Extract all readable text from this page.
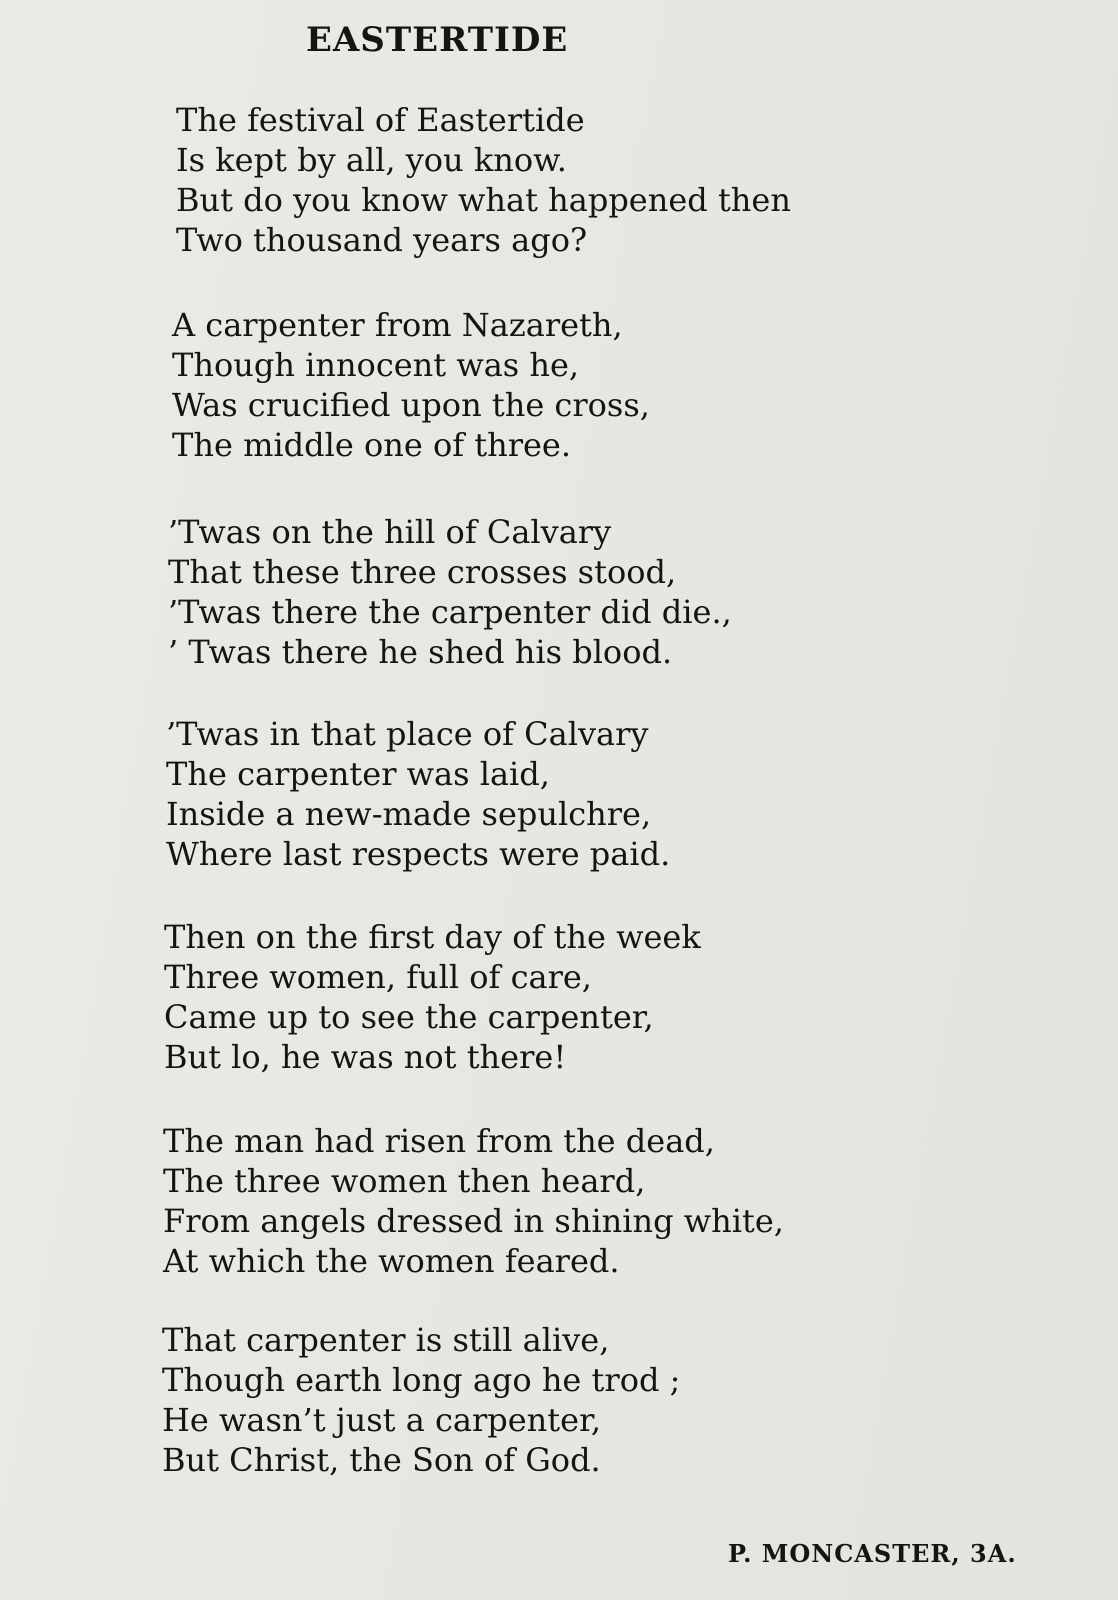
EASTERTIDE
The festival of Eastertide
Is kept by all, you know.
But do you know what happened then
Two thousand years ago?
A carpenter from Nazareth,
Though innocent was he,
Was crucified upon the cross,
The middle one of three.
’Twas on the hill of Calvary
That these three crosses stood,
’Twas there the carpenter did die.,
’ Twas there he shed his blood.
’Twas in that place of Calvary
The carpenter was laid,
Inside a new-made sepulchre,
Where last respects were paid.
Then on the first day of the week
Three women, full of care,
Came up to see the carpenter,
But lo, he was not there!
The man had risen from the dead,
The three women then heard,
From angels dressed in shining white,
At which the women feared.
That carpenter is still alive,
Though earth long ago he trod ;
He wasn’t just a carpenter,
But Christ, the Son of God.
P. MONCASTER, 3A.
